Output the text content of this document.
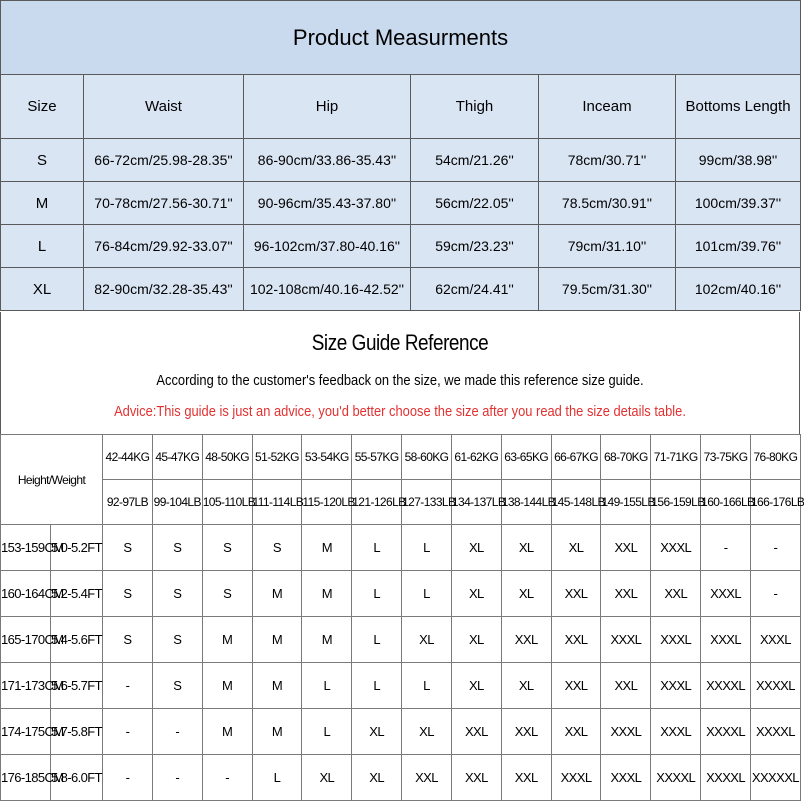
Product Measurments					
Size	Waist	Hip	Thigh	Inceam	Bottoms Length
S	66-72cm/25.98-28.35''	86-90cm/33.86-35.43''	54cm/21.26''	78cm/30.71''	99cm/38.98''
M	70-78cm/27.56-30.71''	90-96cm/35.43-37.80''	56cm/22.05''	78.5cm/30.91''	100cm/39.37''
L	76-84cm/29.92-33.07''	96-102cm/37.80-40.16''	59cm/23.23''	79cm/31.10''	101cm/39.76''
XL	82-90cm/32.28-35.43''	102-108cm/40.16-42.52''	62cm/24.41''	79.5cm/31.30''	102cm/40.16''
Size Guide Reference
According to the customer's feedback on the size, we made this reference size guide.
Advice:This guide is just an advice, you'd better choose the size after you read the size details table.
Height/Weight		42-44KG	45-47KG	48-50KG	51-52KG	53-54KG	55-57KG	58-60KG	61-62KG	63-65KG	66-67KG	68-70KG	71-71KG	73-75KG	76-80KG
		92-97LB	99-104LB	105-110LB	111-114LB	115-120LB	121-126LB	127-133LB	134-137LB	138-144LB	145-148LB	149-155LB	156-159LB	160-166LB	166-176LB
153-159CM	5.0-5.2FT	S	S	S	S	M	L	L	XL	XL	XL	XXL	XXXL	-	-
160-164CM	5.2-5.4FT	S	S	S	M	M	L	L	XL	XL	XXL	XXL	XXL	XXXL	-
165-170CM	5.4-5.6FT	S	S	M	M	M	L	XL	XL	XXL	XXL	XXXL	XXXL	XXXL	XXXL
171-173CM	5.6-5.7FT	-	S	M	M	L	L	L	XL	XL	XXL	XXL	XXXL	XXXXL	XXXXL
174-175CM	5.7-5.8FT	-	-	M	M	L	XL	XL	XXL	XXL	XXL	XXXL	XXXL	XXXXL	XXXXL
176-185CM	5.8-6.0FT	-	-	-	L	XL	XL	XXL	XXL	XXL	XXXL	XXXL	XXXXL	XXXXL	XXXXXL
